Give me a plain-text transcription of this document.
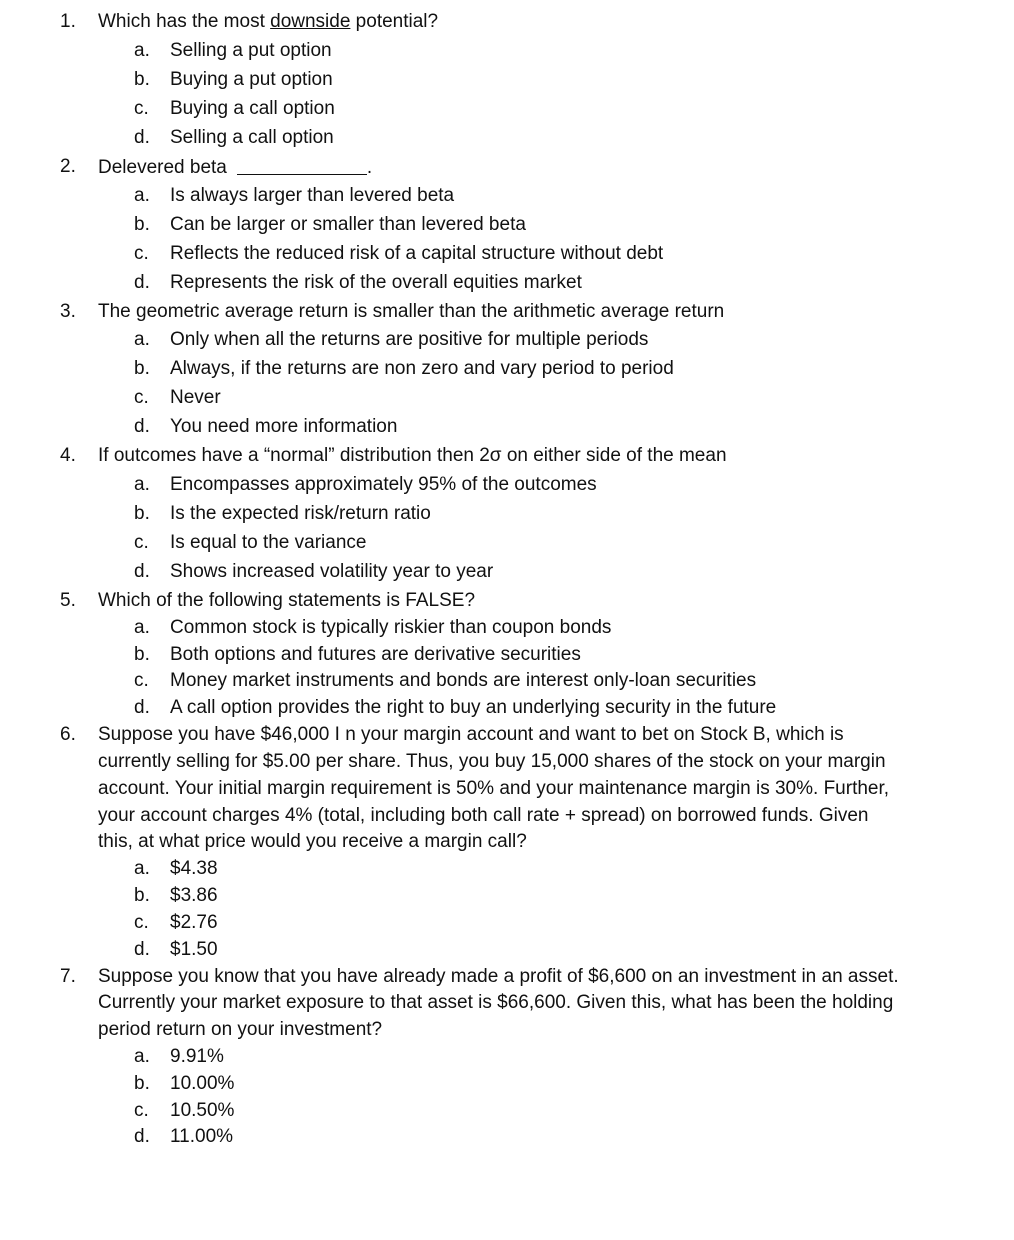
1.	Which has the most downside potential?
a.	Selling a put option
b.	Buying a put option
c.	Buying a call option
d.	Selling a call option
2.	Delevered beta	.
a.	Is always larger than levered beta
b.	Can be larger or smaller than levered beta
c.	Reflects the reduced risk of a capital structure without debt
d.	Represents the risk of the overall equities market
3.	The geometric average return is smaller than the arithmetic average return
a.	Only when all the returns are positive for multiple periods
b.	Always, if the returns are non zero and vary period to period
c.	Never
d.	You need more information
4.	If outcomes have a “normal” distribution then 2σ on either side of the mean
a.	Encompasses approximately 95% of the outcomes
b.	Is the expected risk/return ratio
c.	Is equal to the variance
d.	Shows increased volatility year to year
5.	Which of the following statements is FALSE?
a.	Common stock is typically riskier than coupon bonds
b.	Both options and futures are derivative securities
c.	Money market instruments and bonds are interest only-loan securities
d.	A call option provides the right to buy an underlying security in the future
6.	Suppose you have $46,000 I n your margin account and want to bet on Stock B, which is
currently selling for $5.00 per share. Thus, you buy 15,000 shares of the stock on your margin
account. Your initial margin requirement is 50% and your maintenance margin is 30%. Further,
your account charges 4% (total, including both call rate + spread) on borrowed funds. Given
this, at what price would you receive a margin call?
a.	$4.38
b.	$3.86
c.	$2.76
d.	$1.50
7.	Suppose you know that you have already made a profit of $6,600 on an investment in an asset.
Currently your market exposure to that asset is $66,600. Given this, what has been the holding
period return on your investment?
a.	9.91%
b.	10.00%
c.	10.50%
d.	11.00%
